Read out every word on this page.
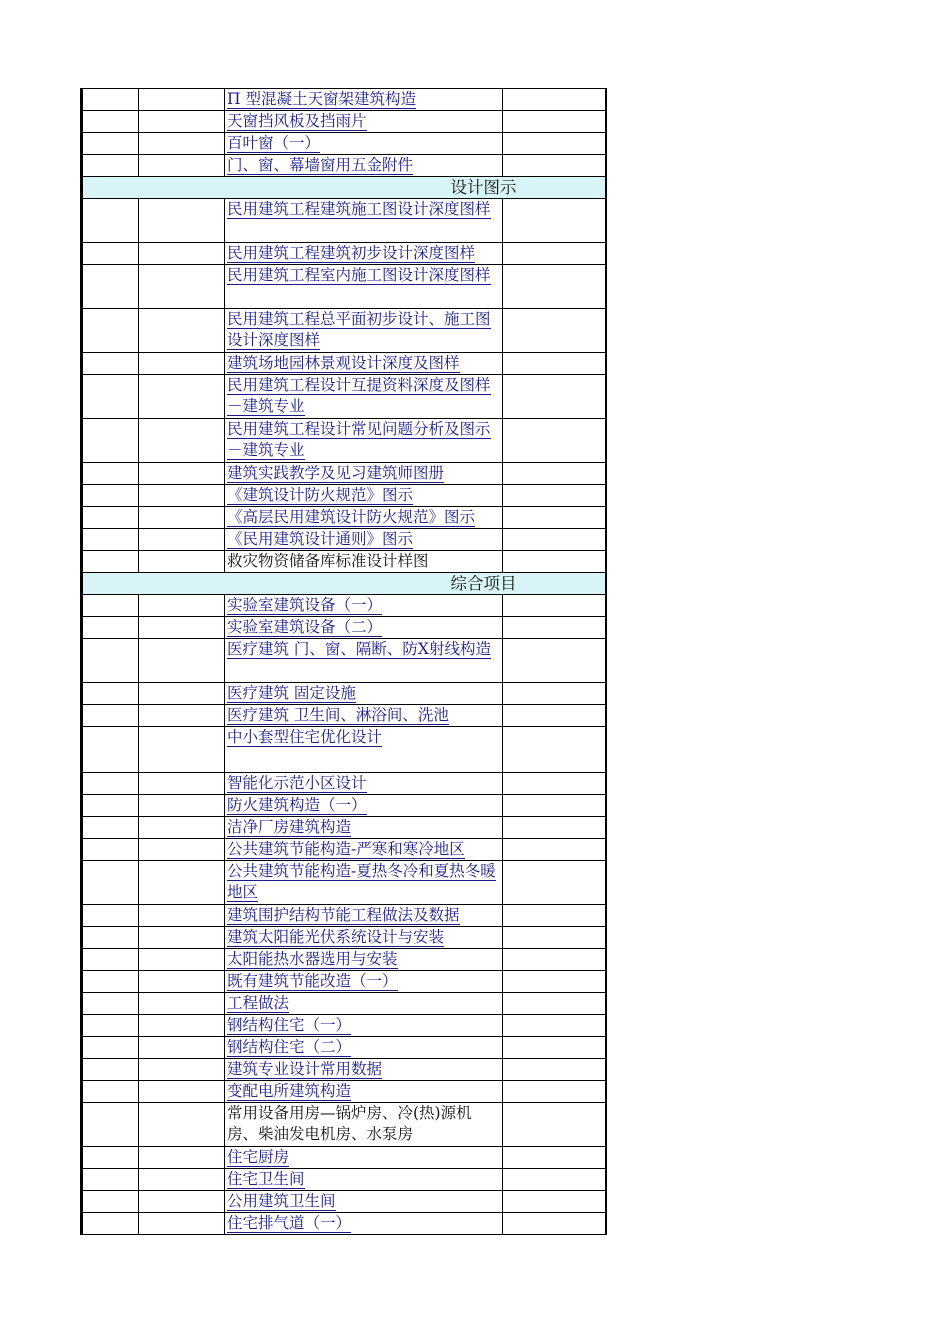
		П 型混凝土天窗架建筑构造	
		天窗挡风板及挡雨片	
		百叶窗（一）	
		门、窗、幕墙窗用五金附件	
设计图示			
		民用建筑工程建筑施工图设计深度图样	
		民用建筑工程建筑初步设计深度图样	
		民用建筑工程室内施工图设计深度图样	
		民用建筑工程总平面初步设计、施工图设计深度图样	
		建筑场地园林景观设计深度及图样	
		民用建筑工程设计互提资料深度及图样－建筑专业	
		民用建筑工程设计常见问题分析及图示－建筑专业	
		建筑实践教学及见习建筑师图册	
		《建筑设计防火规范》图示	
		《高层民用建筑设计防火规范》图示	
		《民用建筑设计通则》图示	
		救灾物资储备库标准设计样图	
综合项目			
		实验室建筑设备（一）	
		实验室建筑设备（二）	
		医疗建筑 门、窗、隔断、防X射线构造	
		医疗建筑 固定设施	
		医疗建筑 卫生间、淋浴间、洗池	
		中小套型住宅优化设计	
		智能化示范小区设计	
		防火建筑构造（一）	
		洁净厂房建筑构造	
		公共建筑节能构造-严寒和寒冷地区	
		公共建筑节能构造-夏热冬冷和夏热冬暖地区	
		建筑围护结构节能工程做法及数据	
		建筑太阳能光伏系统设计与安装	
		太阳能热水器选用与安装	
		既有建筑节能改造（一）	
		工程做法	
		钢结构住宅（一）	
		钢结构住宅（二）	
		建筑专业设计常用数据	
		变配电所建筑构造	
		常用设备用房—锅炉房、冷(热)源机房、柴油发电机房、水泵房	
		住宅厨房	
		住宅卫生间	
		公用建筑卫生间	
		住宅排气道（一）	
